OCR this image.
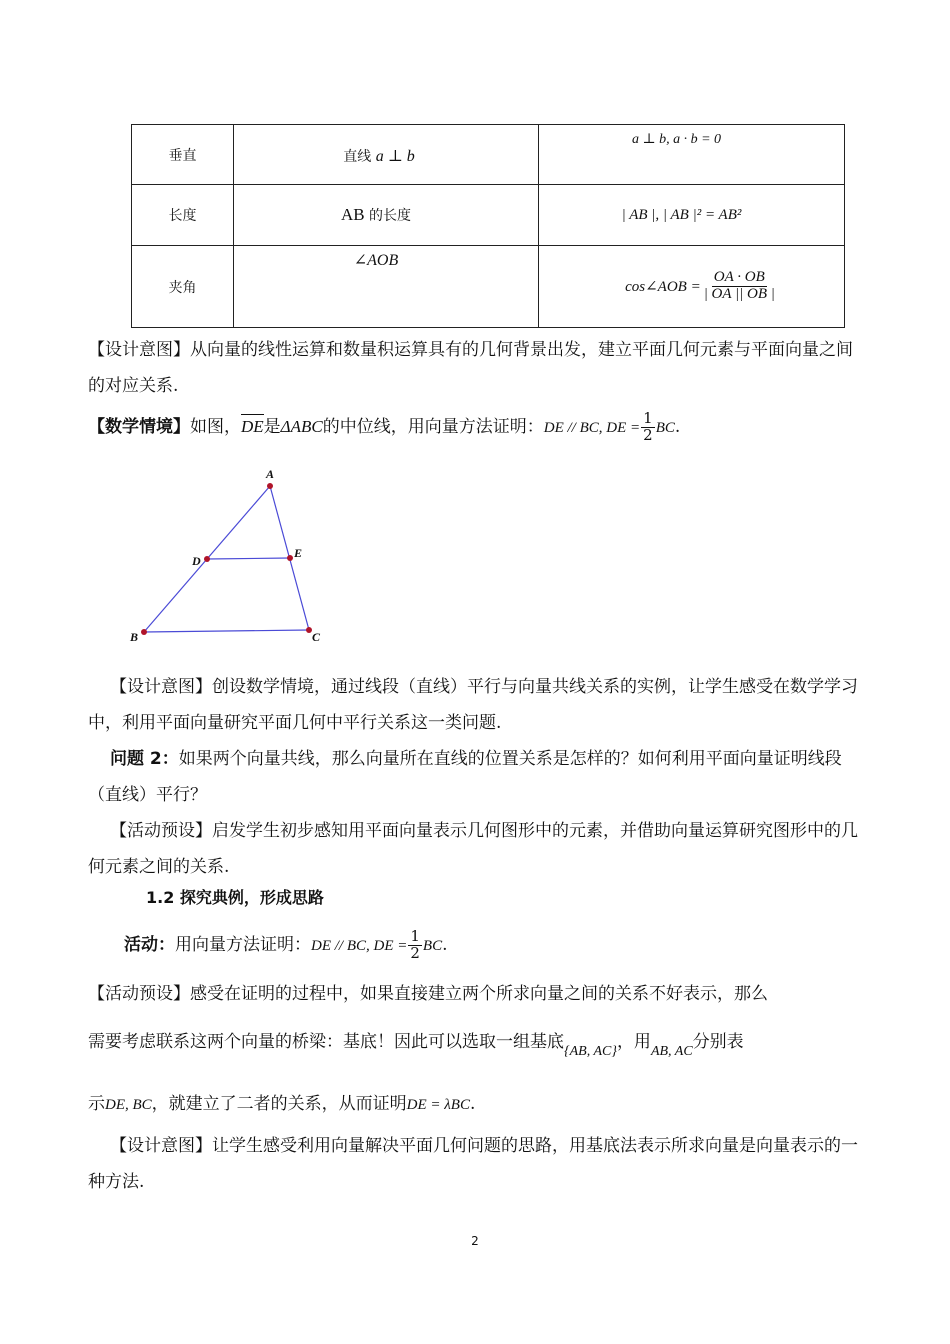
垂直	直线 a ⊥ b	a ⊥ b, a · b = 0

长度	AB 的长度	| AB |, | AB |² = AB²

夹角	∠AOB	cos∠AOB = $\frac{OA \cdot OB}{| OA || OB |}$
【设计意图】从向量的线性运算和数量积运算具有的几何背景出发，建立平面几何元素与平面向量之间的对应关系.
【数学情境】如图，DE是ΔABC的中位线，用向量方法证明：DE // BC, DE = $\frac{1}{2}$ BC.
A
B	C
D
E
【设计意图】创设数学情境，通过线段（直线）平行与向量共线关系的实例，让学生感受在数学学习中，利用平面向量研究平面几何中平行关系这一类问题.
问题 2：如果两个向量共线，那么向量所在直线的位置关系是怎样的？如何利用平面向量证明线段（直线）平行？
【活动预设】启发学生初步感知用平面向量表示几何图形中的元素，并借助向量运算研究图形中的几何元素之间的关系.
1.2 探究典例，形成思路
活动：用向量方法证明：DE // BC, DE = $\frac{1}{2}$ BC.
【活动预设】感受在证明的过程中，如果直接建立两个所求向量之间的关系不好表示，那么
需要考虑联系这两个向量的桥梁：基底！因此可以选取一组基底$_{\{AB, AC\}}$，用$_{AB, AC}$分别表
示DE, BC，就建立了二者的关系，从而证明DE = λBC.
【设计意图】让学生感受利用向量解决平面几何问题的思路，用基底法表示所求向量是向量表示的一种方法.
2
